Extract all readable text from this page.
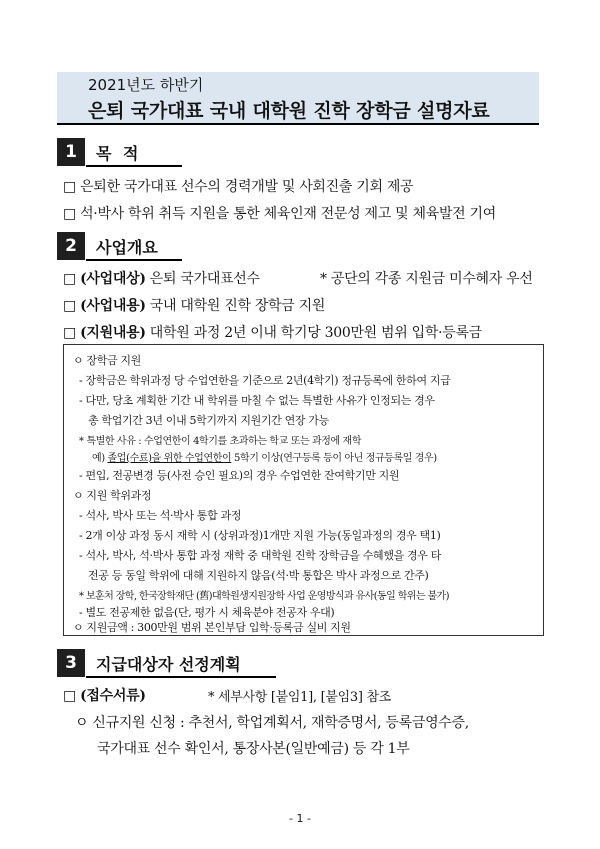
2021년도 하반기
은퇴 국가대표 국내 대학원 진학 장학금 설명자료
1	목 적
□ 은퇴한 국가대표 선수의 경력개발 및 사회진출 기회 제공
□ 석·박사 학위 취득 지원을 통한 체육인재 전문성 제고 및 체육발전 기여
2	사업개요
□ (사업대상) 은퇴 국가대표선수	* 공단의 각종 지원금 미수혜자 우선
□ (사업내용) 국내 대학원 진학 장학금 지원
□ (지원내용) 대학원 과정 2년 이내 학기당 300만원 범위 입학·등록금
ㅇ 장학금 지원
- 장학금은 학위과정 당 수업연한을 기준으로 2년(4학기) 정규등록에 한하여 지급
- 다만, 당초 계획한 기간 내 학위를 마칠 수 없는 특별한 사유가 인정되는 경우
총 학업기간 3년 이내 5학기까지 지원기간 연장 가능
* 특별한 사유 : 수업연한이 4학기를 초과하는 학교 또는 과정에 재학
예) 졸업(수료)을 위한 수업연한이 5학기 이상(연구등록 등이 아닌 정규등록일 경우)
- 편입, 전공변경 등(사전 승인 필요)의 경우 수업연한 잔여학기만 지원
ㅇ 지원 학위과정
- 석사, 박사 또는 석·박사 통합 과정
- 2개 이상 과정 동시 재학 시 (상위과정)1개만 지원 가능(동일과정의 경우 택1)
- 석사, 박사, 석·박사 통합 과정 재학 중 대학원 진학 장학금을 수혜했을 경우 타
전공 등 동일 학위에 대해 지원하지 않음(석·박 통합은 박사 과정으로 간주)
* 보훈처 장학, 한국장학재단 (舊)대학원생지원장학 사업 운영방식과 유사(동일 학위는 불가)
- 별도 전공제한 없음(단, 평가 시 체육분야 전공자 우대)
ㅇ 지원금액 : 300만원 범위 본인부담 입학·등록금 실비 지원
3	지급대상자 선정계획
□ (접수서류)	* 세부사항 [붙임1], [붙임3] 참조
ㅇ 신규지원 신청 : 추천서, 학업계획서, 재학증명서, 등록금영수증,
국가대표 선수 확인서, 통장사본(일반예금) 등 각 1부
- 1 -
